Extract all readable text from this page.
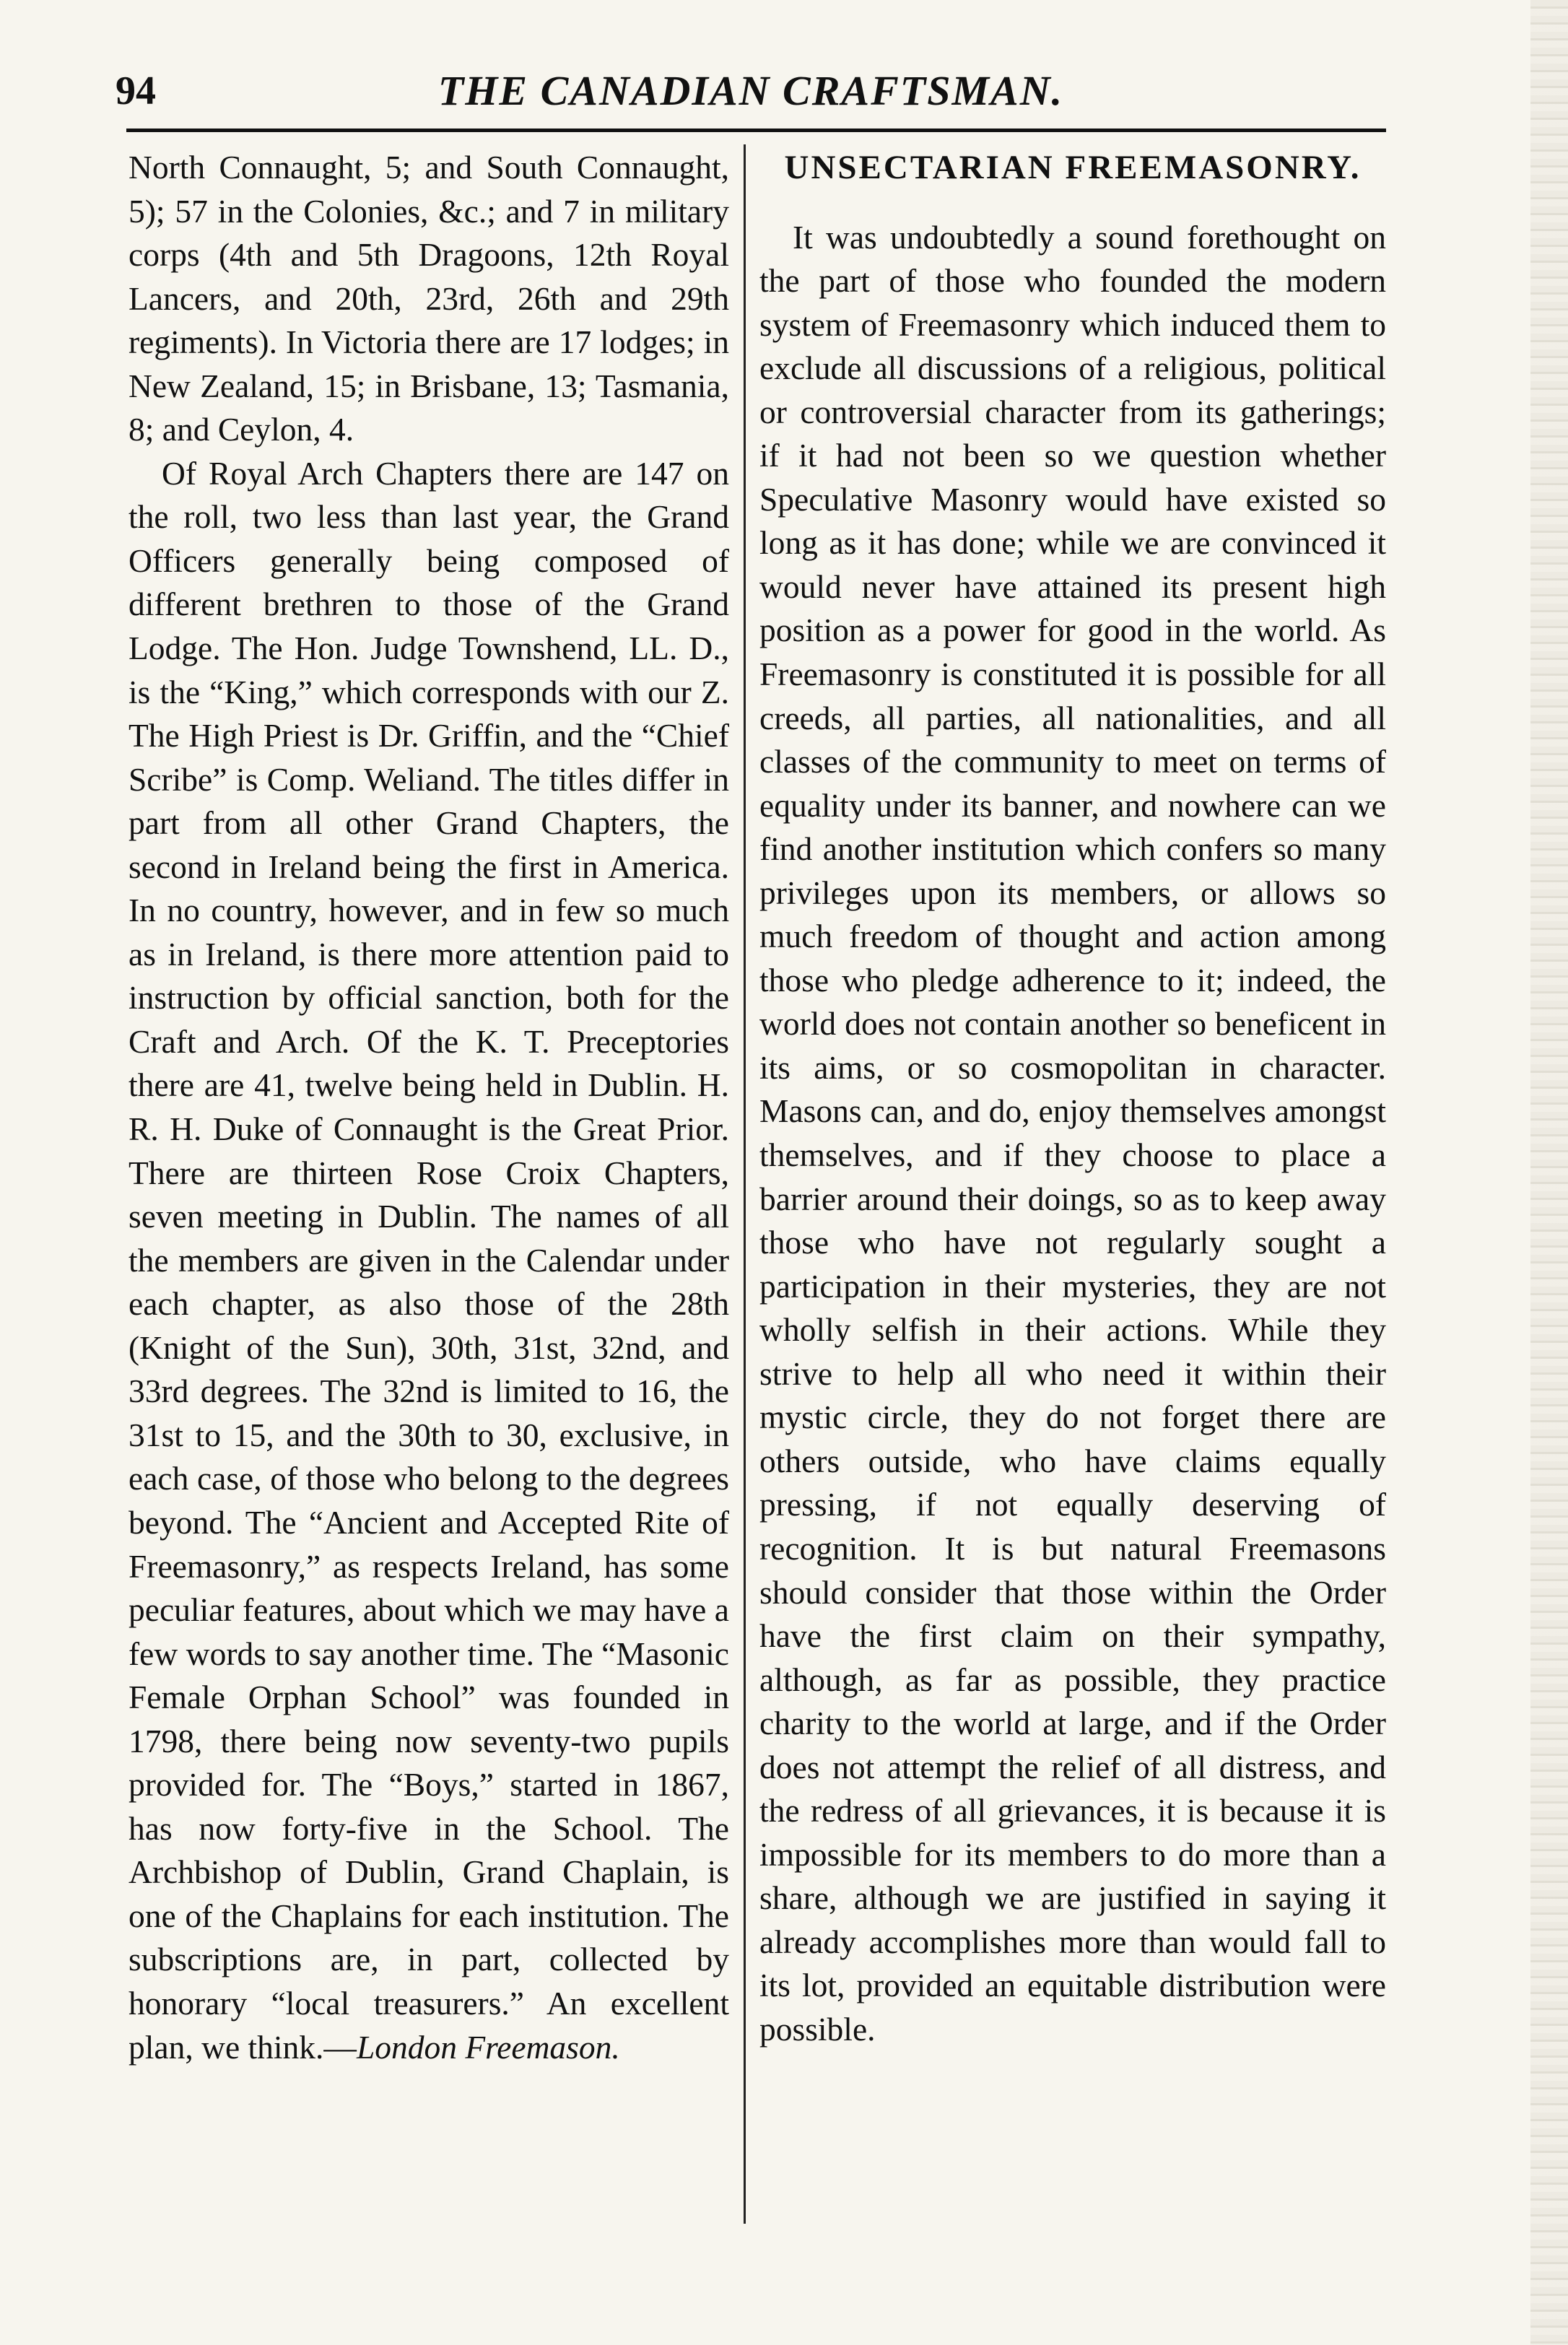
94	THE CANADIAN CRAFTSMAN.

North Connaught, 5; and South Connaught, 5); 57 in the Colonies, &c.; and 7 in military corps (4th and 5th Dragoons, 12th Royal Lancers, and 20th, 23rd, 26th and 29th regiments). In Victoria there are 17 lodges; in New Zealand, 15; in Brisbane, 13; Tasmania, 8; and Ceylon, 4.

Of Royal Arch Chapters there are 147 on the roll, two less than last year, the Grand Officers generally being composed of different brethren to those of the Grand Lodge. The Hon. Judge Townshend, LL. D., is the “King,” which corresponds with our Z. The High Priest is Dr. Griffin, and the “Chief Scribe” is Comp. Weliand. The titles differ in part from all other Grand Chapters, the second in Ireland being the first in America. In no country, however, and in few so much as in Ireland, is there more attention paid to instruction by official sanction, both for the Craft and Arch. Of the K. T. Preceptories there are 41, twelve being held in Dublin. H. R. H. Duke of Connaught is the Great Prior. There are thirteen Rose Croix Chapters, seven meeting in Dublin. The names of all the members are given in the Calendar under each chapter, as also those of the 28th (Knight of the Sun), 30th, 31st, 32nd, and 33rd degrees. The 32nd is limited to 16, the 31st to 15, and the 30th to 30, exclusive, in each case, of those who belong to the degrees beyond. The “Ancient and Accepted Rite of Freemasonry,” as respects Ireland, has some peculiar features, about which we may have a few words to say another time. The “Masonic Female Orphan School” was founded in 1798, there being now seventy-two pupils provided for. The “Boys,” started in 1867, has now forty-five in the School. The Archbishop of Dublin, Grand Chaplain, is one of the Chaplains for each institution. The subscriptions are, in part, collected by honorary “local treasurers.” An excellent plan, we think.—London Freemason.

UNSECTARIAN FREEMASONRY.

It was undoubtedly a sound forethought on the part of those who founded the modern system of Freemasonry which induced them to exclude all discussions of a religious, political or controversial character from its gatherings; if it had not been so we question whether Speculative Masonry would have existed so long as it has done; while we are convinced it would never have attained its present high position as a power for good in the world. As Freemasonry is constituted it is possible for all creeds, all parties, all nationalities, and all classes of the community to meet on terms of equality under its banner, and nowhere can we find another institution which confers so many privileges upon its members, or allows so much freedom of thought and action among those who pledge adherence to it; indeed, the world does not contain another so beneficent in its aims, or so cosmopolitan in character. Masons can, and do, enjoy themselves amongst themselves, and if they choose to place a barrier around their doings, so as to keep away those who have not regularly sought a participation in their mysteries, they are not wholly selfish in their actions. While they strive to help all who need it within their mystic circle, they do not forget there are others outside, who have claims equally pressing, if not equally deserving of recognition. It is but natural Freemasons should consider that those within the Order have the first claim on their sympathy, although, as far as possible, they practice charity to the world at large, and if the Order does not attempt the relief of all distress, and the redress of all grievances, it is because it is impossible for its members to do more than a share, although we are justified in saying it already accomplishes more than would fall to its lot, provided an equitable distribution were possible.
